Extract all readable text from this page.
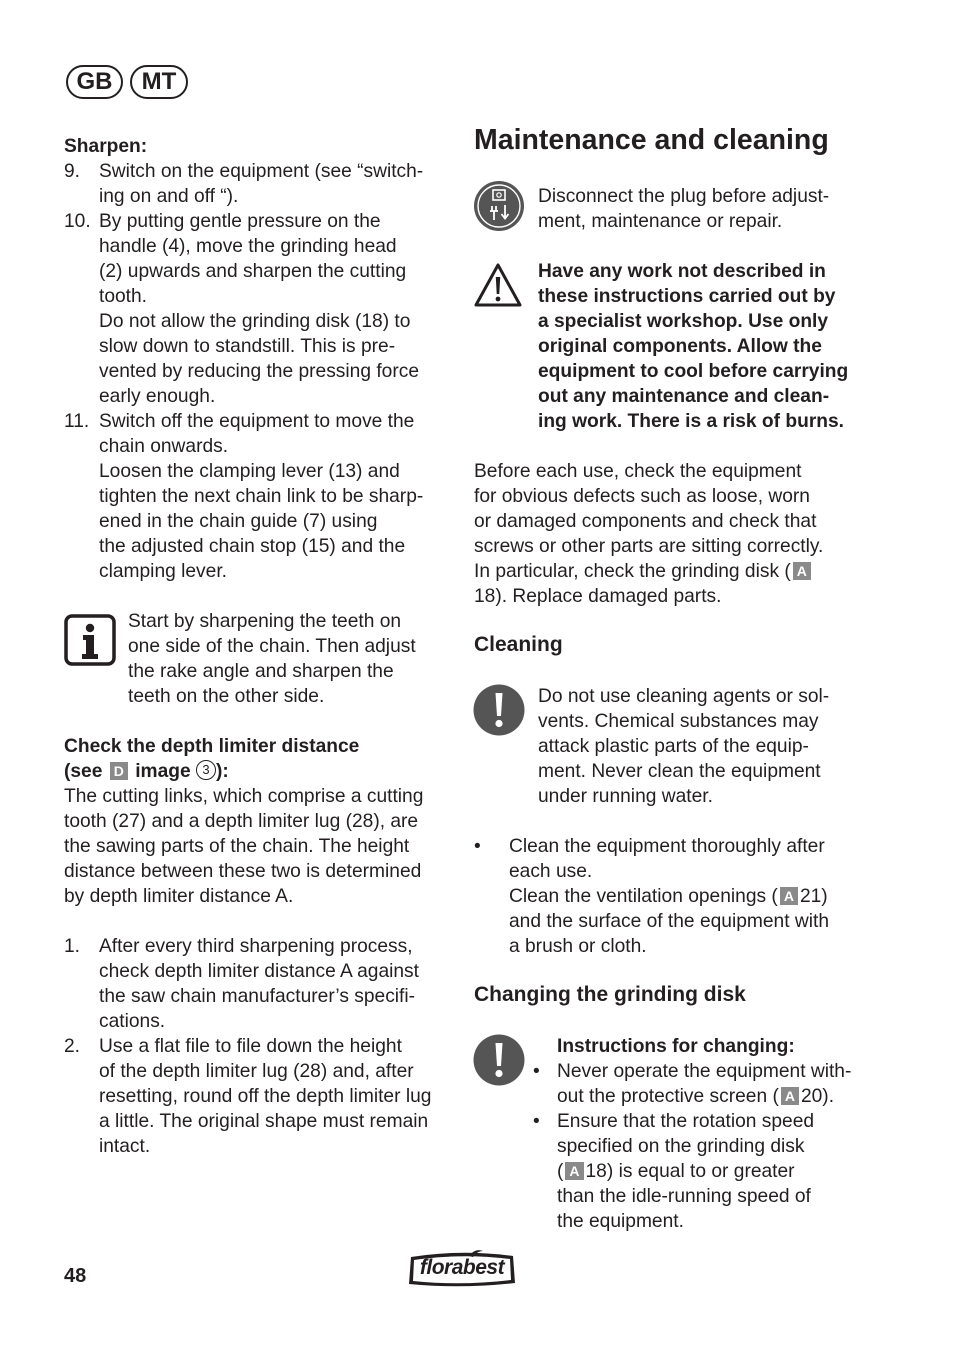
GB	MT
Sharpen:
9. Switch on the equipment (see “switch-
ing on and off “).
10. By putting gentle pressure on the
handle (4), move the grinding head
(2) upwards and sharpen the cutting
tooth.
Do not allow the grinding disk (18) to
slow down to standstill. This is pre-
vented by reducing the pressing force
early enough.
11. Switch off the equipment to move the
chain onwards.
Loosen the clamping lever (13) and
tighten the next chain link to be sharp-
ened in the chain guide (7) using
the adjusted chain stop (15) and the
clamping lever.
Start by sharpening the teeth on
one side of the chain. Then adjust
the rake angle and sharpen the
teeth on the other side.
Check the depth limiter distance
(see D image 3 ):
The cutting links, which comprise a cutting
tooth (27) and a depth limiter lug (28), are
the sawing parts of the chain. The height
distance between these two is determined
by depth limiter distance A.
1. After every third sharpening process,
check depth limiter distance A against
the saw chain manufacturer’s specifi-
cations.
2. Use a flat file to file down the height
of the depth limiter lug (28) and, after
resetting, round off the depth limiter lug
a little. The original shape must remain
intact.
Maintenance and cleaning
Disconnect the plug before adjust-
ment, maintenance or repair.
Have any work not described in
these instructions carried out by
a specialist workshop. Use only
original components. Allow the
equipment to cool before carrying
out any maintenance and clean-
ing work. There is a risk of burns.
Before each use, check the equipment
for obvious defects such as loose, worn
or damaged components and check that
screws or other parts are sitting correctly.
In particular, check the grinding disk ( A
18). Replace damaged parts.
Cleaning
Do not use cleaning agents or sol-
vents. Chemical substances may
attack plastic parts of the equip-
ment. Never clean the equipment
under running water.
• Clean the equipment thoroughly after
each use.
Clean the ventilation openings ( A 21)
and the surface of the equipment with
a brush or cloth.
Changing the grinding disk
Instructions for changing:
• Never operate the equipment with-
out the protective screen ( A 20).
• Ensure that the rotation speed
specified on the grinding disk
( A 18) is equal to or greater
than the idle-running speed of
the equipment.
48	florabest
